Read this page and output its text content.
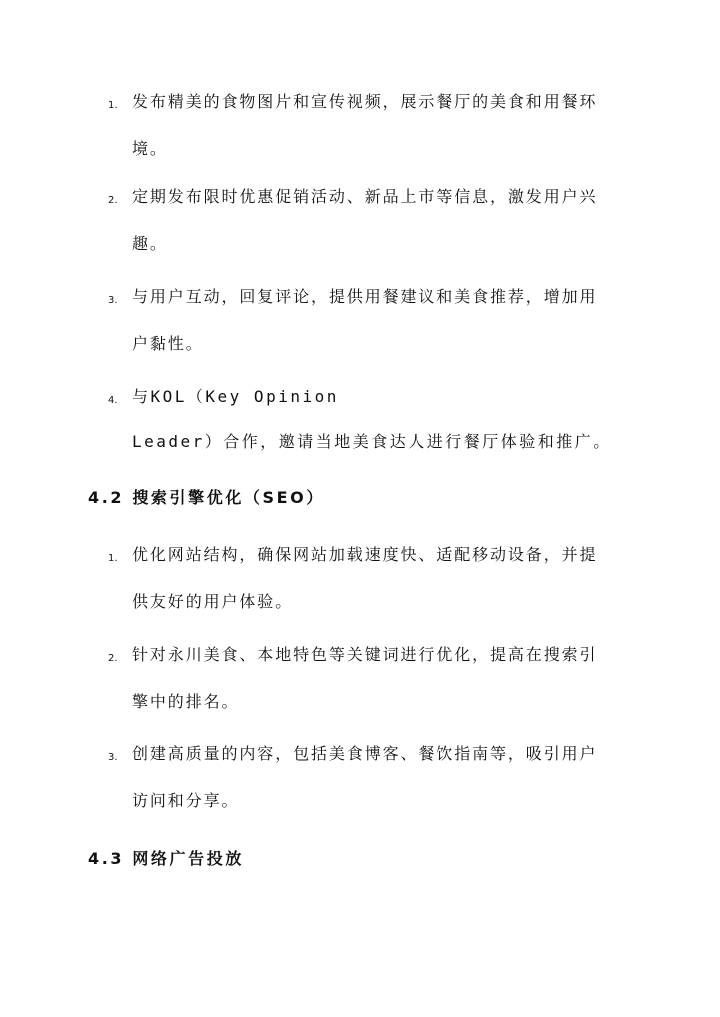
1. 发布精美的食物图片和宣传视频，展示餐厅的美食和用餐环
境。
2. 定期发布限时优惠促销活动、新品上市等信息，激发用户兴
趣。
3. 与用户互动，回复评论，提供用餐建议和美食推荐，增加用
户黏性。
4. 与KOL（Key Opinion
Leader）合作，邀请当地美食达人进行餐厅体验和推广。
4.2 搜索引擎优化（SEO）
1. 优化网站结构，确保网站加载速度快、适配移动设备，并提
供友好的用户体验。
2. 针对永川美食、本地特色等关键词进行优化，提高在搜索引
擎中的排名。
3. 创建高质量的内容，包括美食博客、餐饮指南等，吸引用户
访问和分享。
4.3 网络广告投放
